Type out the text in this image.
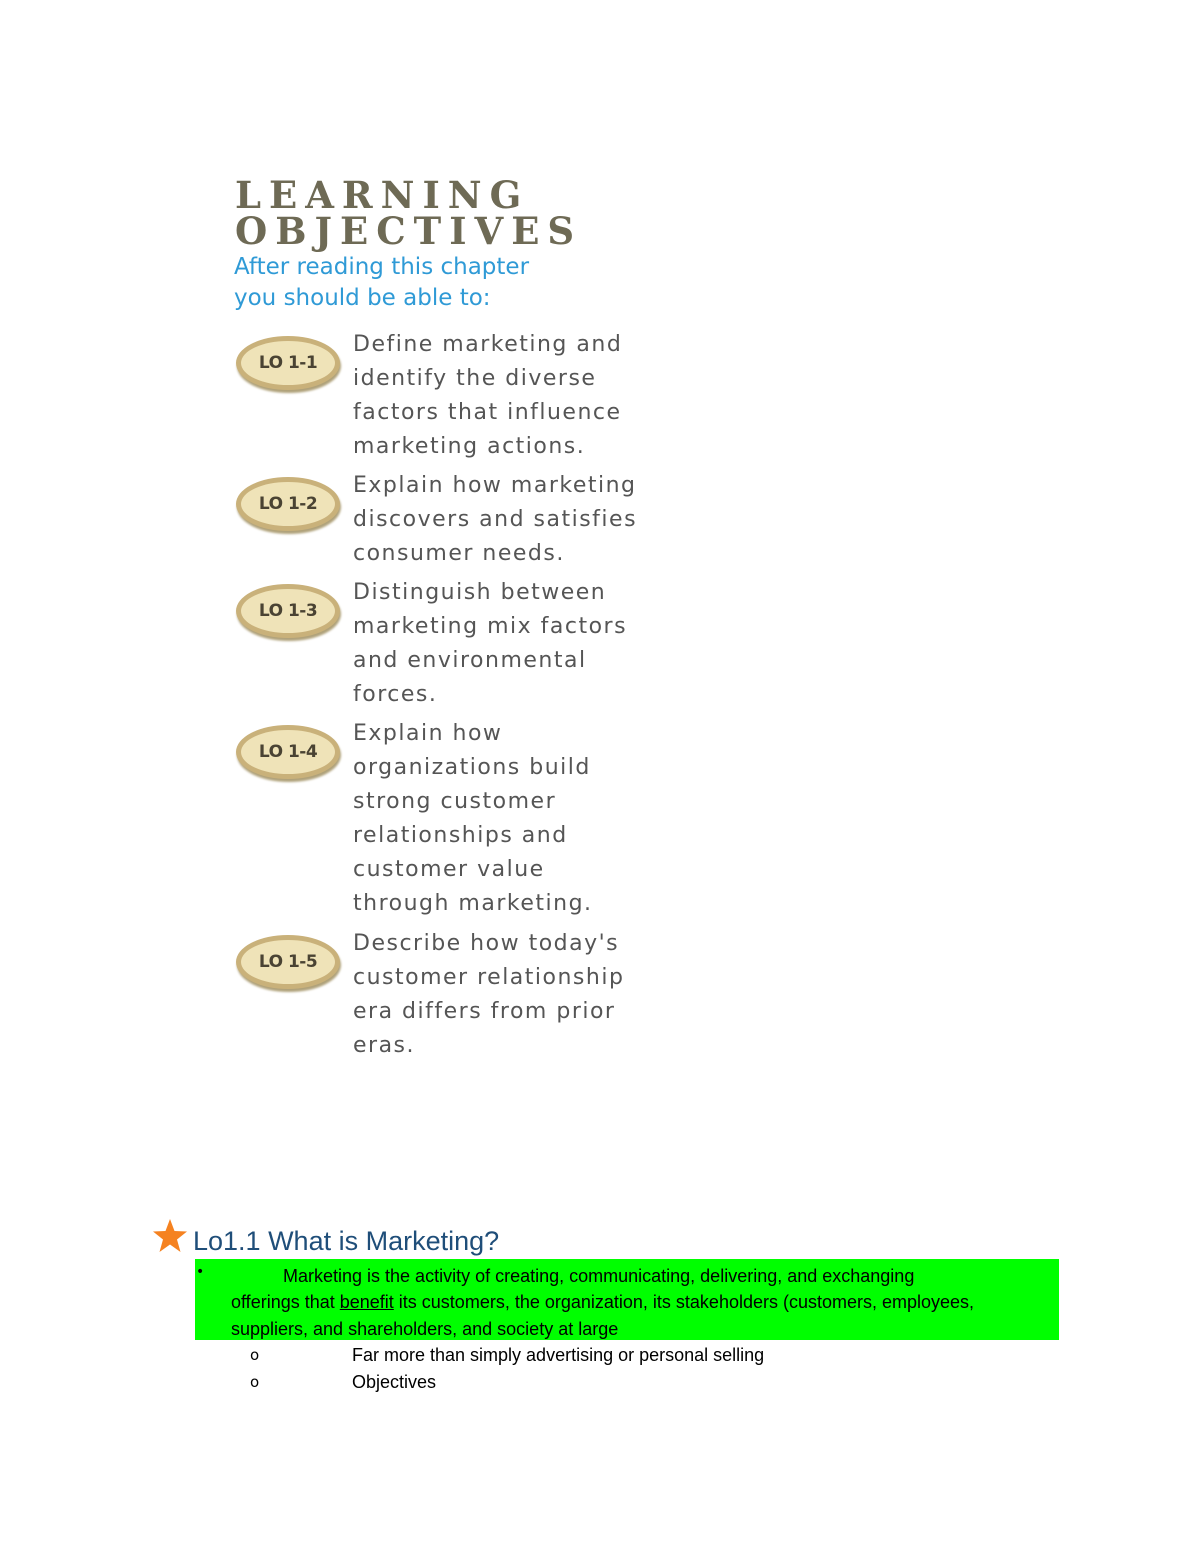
LEARNING
OBJECTIVES
After reading this chapter
you should be able to:
LO 1-1
Define marketing and
identify the diverse
factors that influence
marketing actions.
LO 1-2
Explain how marketing
discovers and satisfies
consumer needs.
LO 1-3
Distinguish between
marketing mix factors
and environmental
forces.
LO 1-4
Explain how
organizations build
strong customer
relationships and
customer value
through marketing.
LO 1-5
Describe how today's
customer relationship
era differs from prior
eras.
Lo1.1 What is Marketing?
•	Marketing is the activity of creating, communicating, delivering, and exchanging
offerings that benefit its customers, the organization, its stakeholders (customers, employees,
suppliers, and shareholders, and society at large
o	Far more than simply advertising or personal selling
o	Objectives
